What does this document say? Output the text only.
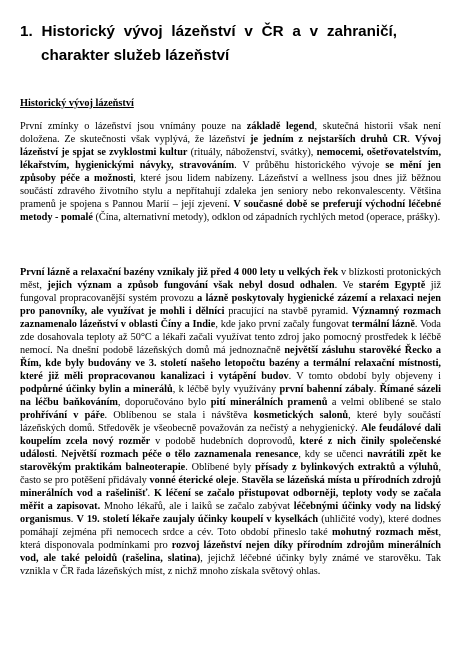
1. Historický vývoj lázeňství v ČR a v zahraničí,
charakter služeb lázeňství
Historický vývoj lázeňství

První zmínky o lázeňství jsou vnímány pouze na základě legend, skutečná historii však není doložena. Ze skutečnosti však vyplývá, že lázeňství je jedním z nejstarších druhů CR. Vývoj lázeňství je spjat se zvyklostmi kultur (rituály, náboženství, svátky), nemocemi, ošetřovatelstvím, lékařstvím, hygienickými návyky, stravováním. V průběhu historického vývoje se mění jen způsoby péče a možnosti, které jsou lidem nabízeny. Lázeňství a wellness jsou dnes již běžnou součástí zdravého životního stylu a nepřítahují zdaleka jen seniory nebo rekonvalescenty. Většina pramenů je spojena s Pannou Marií – její zjevení. V současné době se preferují východní léčebné metody - pomalé (Čína, alternativní metody), odklon od západních rychlých metod (operace, prášky).

První lázně a relaxační bazény vznikaly již před 4 000 lety u velkých řek v blízkosti protonických měst, jejich význam a způsob fungování však nebyl dosud odhalen. Ve starém Egyptě již fungoval propracovanější systém provozu a lázně poskytovaly hygienické zázemí a relaxaci nejen pro panovníky, ale využívat je mohli i dělníci pracující na stavbě pyramid. Významný rozmach zaznamenalo lázeňství v oblasti Číny a Indie, kde jako první začaly fungovat termální lázně. Voda zde dosahovala teploty až 50°C a lékaři začali využívat tento zdroj jako pomocný prostředek k léčbě nemocí. Na dnešní podobě lázeňských domů má jednoznačně největší zásluhu starověké Řecko a Řím, kde byly budovány ve 3. století našeho letopočtu bazény a termální relaxační místnosti, které již měli propracovanou kanalizaci i vytápění budov. V tomto období byly objeveny i podpůrné účinky bylin a minerálů, k léčbě byly využívány první bahenní zábaly. Římané sázeli na léčbu baňkováním, doporučováno bylo pití minerálních pramenů a velmi oblíbené se stalo prohřívání v páře. Oblíbenou se stala i návštěva kosmetických salonů, které byly součástí lázeňských domů. Středověk je všeobecně považován za nečistý a nehygienický. Ale feudálové dali koupelím zcela nový rozměr v podobě hudebních doprovodů, které z nich činily společenské události. Největší rozmach péče o tělo zaznamenala renesance, kdy se učenci navrátili zpět ke starověkým praktikám balneoterapie. Oblíbené byly přísady z bylinkových extraktů a výluhů, často se pro potěšení přidávaly vonné éterické oleje. Stavěla se lázeňská místa u přírodních zdrojů minerálních vod a rašelinišť. K léčení se začalo přistupovat odborněji, teploty vody se začala měřit a zapisovat. Mnoho lékařů, ale i laiků se začalo zabývat léčebnými účinky vody na lidský organismus. V 19. století lékaře zaujaly účinky koupelí v kyselkách (uhličité vody), které dodnes pomáhají zejména při nemocech srdce a cév. Toto období přineslo také mohutný rozmach měst, která disponovala podmínkami pro rozvoj lázeňství nejen díky přírodním zdrojům minerálních vod, ale také peloidů (rašelina, slatina), jejichž léčebné účinky byly známé ve starověku. Tak vznikla v ČR řada lázeňských míst, z nichž mnoho získala světový ohlas.
